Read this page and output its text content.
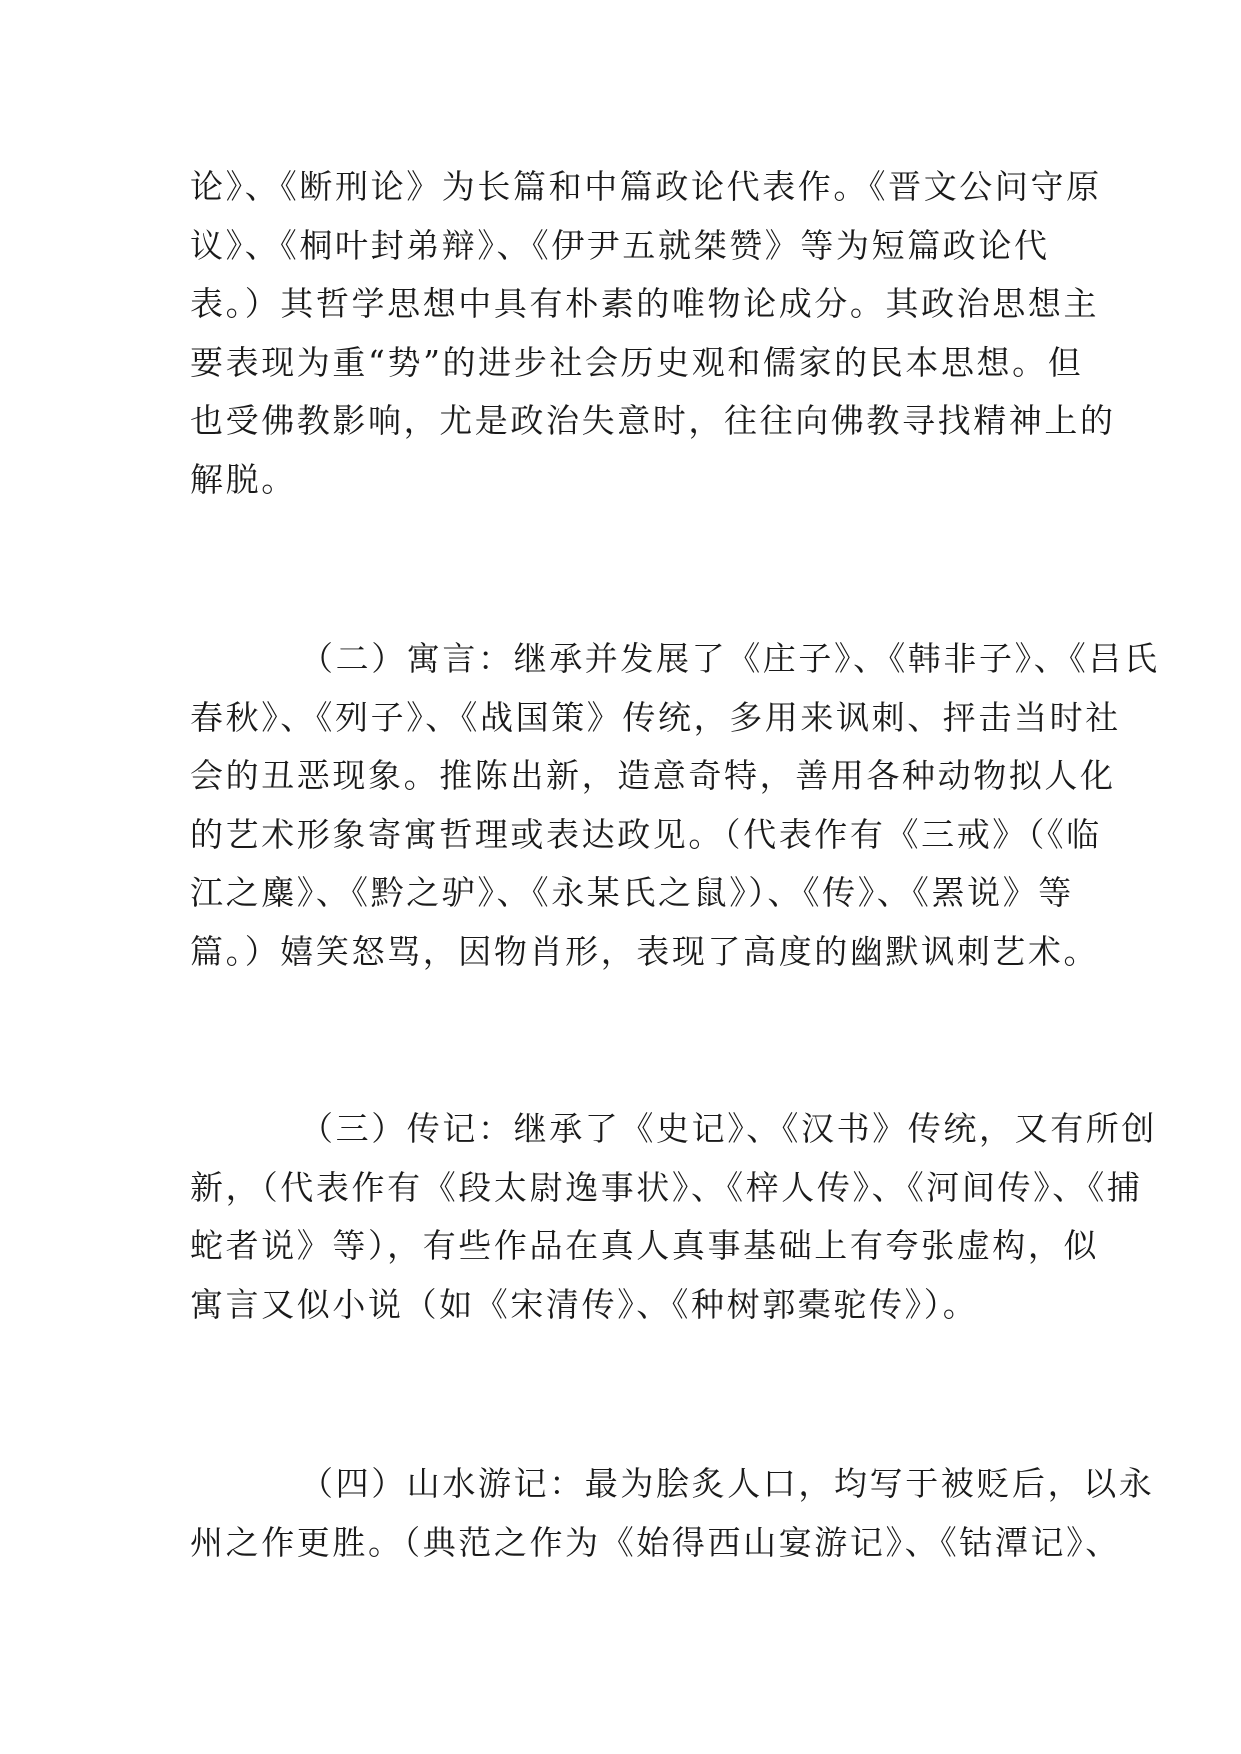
论》、《断刑论》为长篇和中篇政论代表作。《晋文公问守原
议》、《桐叶封弟辩》、《伊尹五就桀赞》等为短篇政论代
表。）其哲学思想中具有朴素的唯物论成分。其政治思想主
要表现为重“势”的进步社会历史观和儒家的民本思想。但
也受佛教影响，尤是政治失意时，往往向佛教寻找精神上的
解脱。
（二）寓言：继承并发展了《庄子》、《韩非子》、《吕氏
春秋》、《列子》、《战国策》传统，多用来讽刺、抨击当时社
会的丑恶现象。推陈出新，造意奇特，善用各种动物拟人化
的艺术形象寄寓哲理或表达政见。（代表作有《三戒》（《临
江之麋》、《黔之驴》、《永某氏之鼠》）、《传》、《罴说》等
篇。）嬉笑怒骂，因物肖形，表现了高度的幽默讽刺艺术。
（三）传记：继承了《史记》、《汉书》传统，又有所创
新，（代表作有《段太尉逸事状》、《梓人传》、《河间传》、《捕
蛇者说》等），有些作品在真人真事基础上有夸张虚构，似
寓言又似小说（如《宋清传》、《种树郭橐驼传》）。
（四）山水游记：最为脍炙人口，均写于被贬后，以永
州之作更胜。（典范之作为《始得西山宴游记》、《钴潭记》、
